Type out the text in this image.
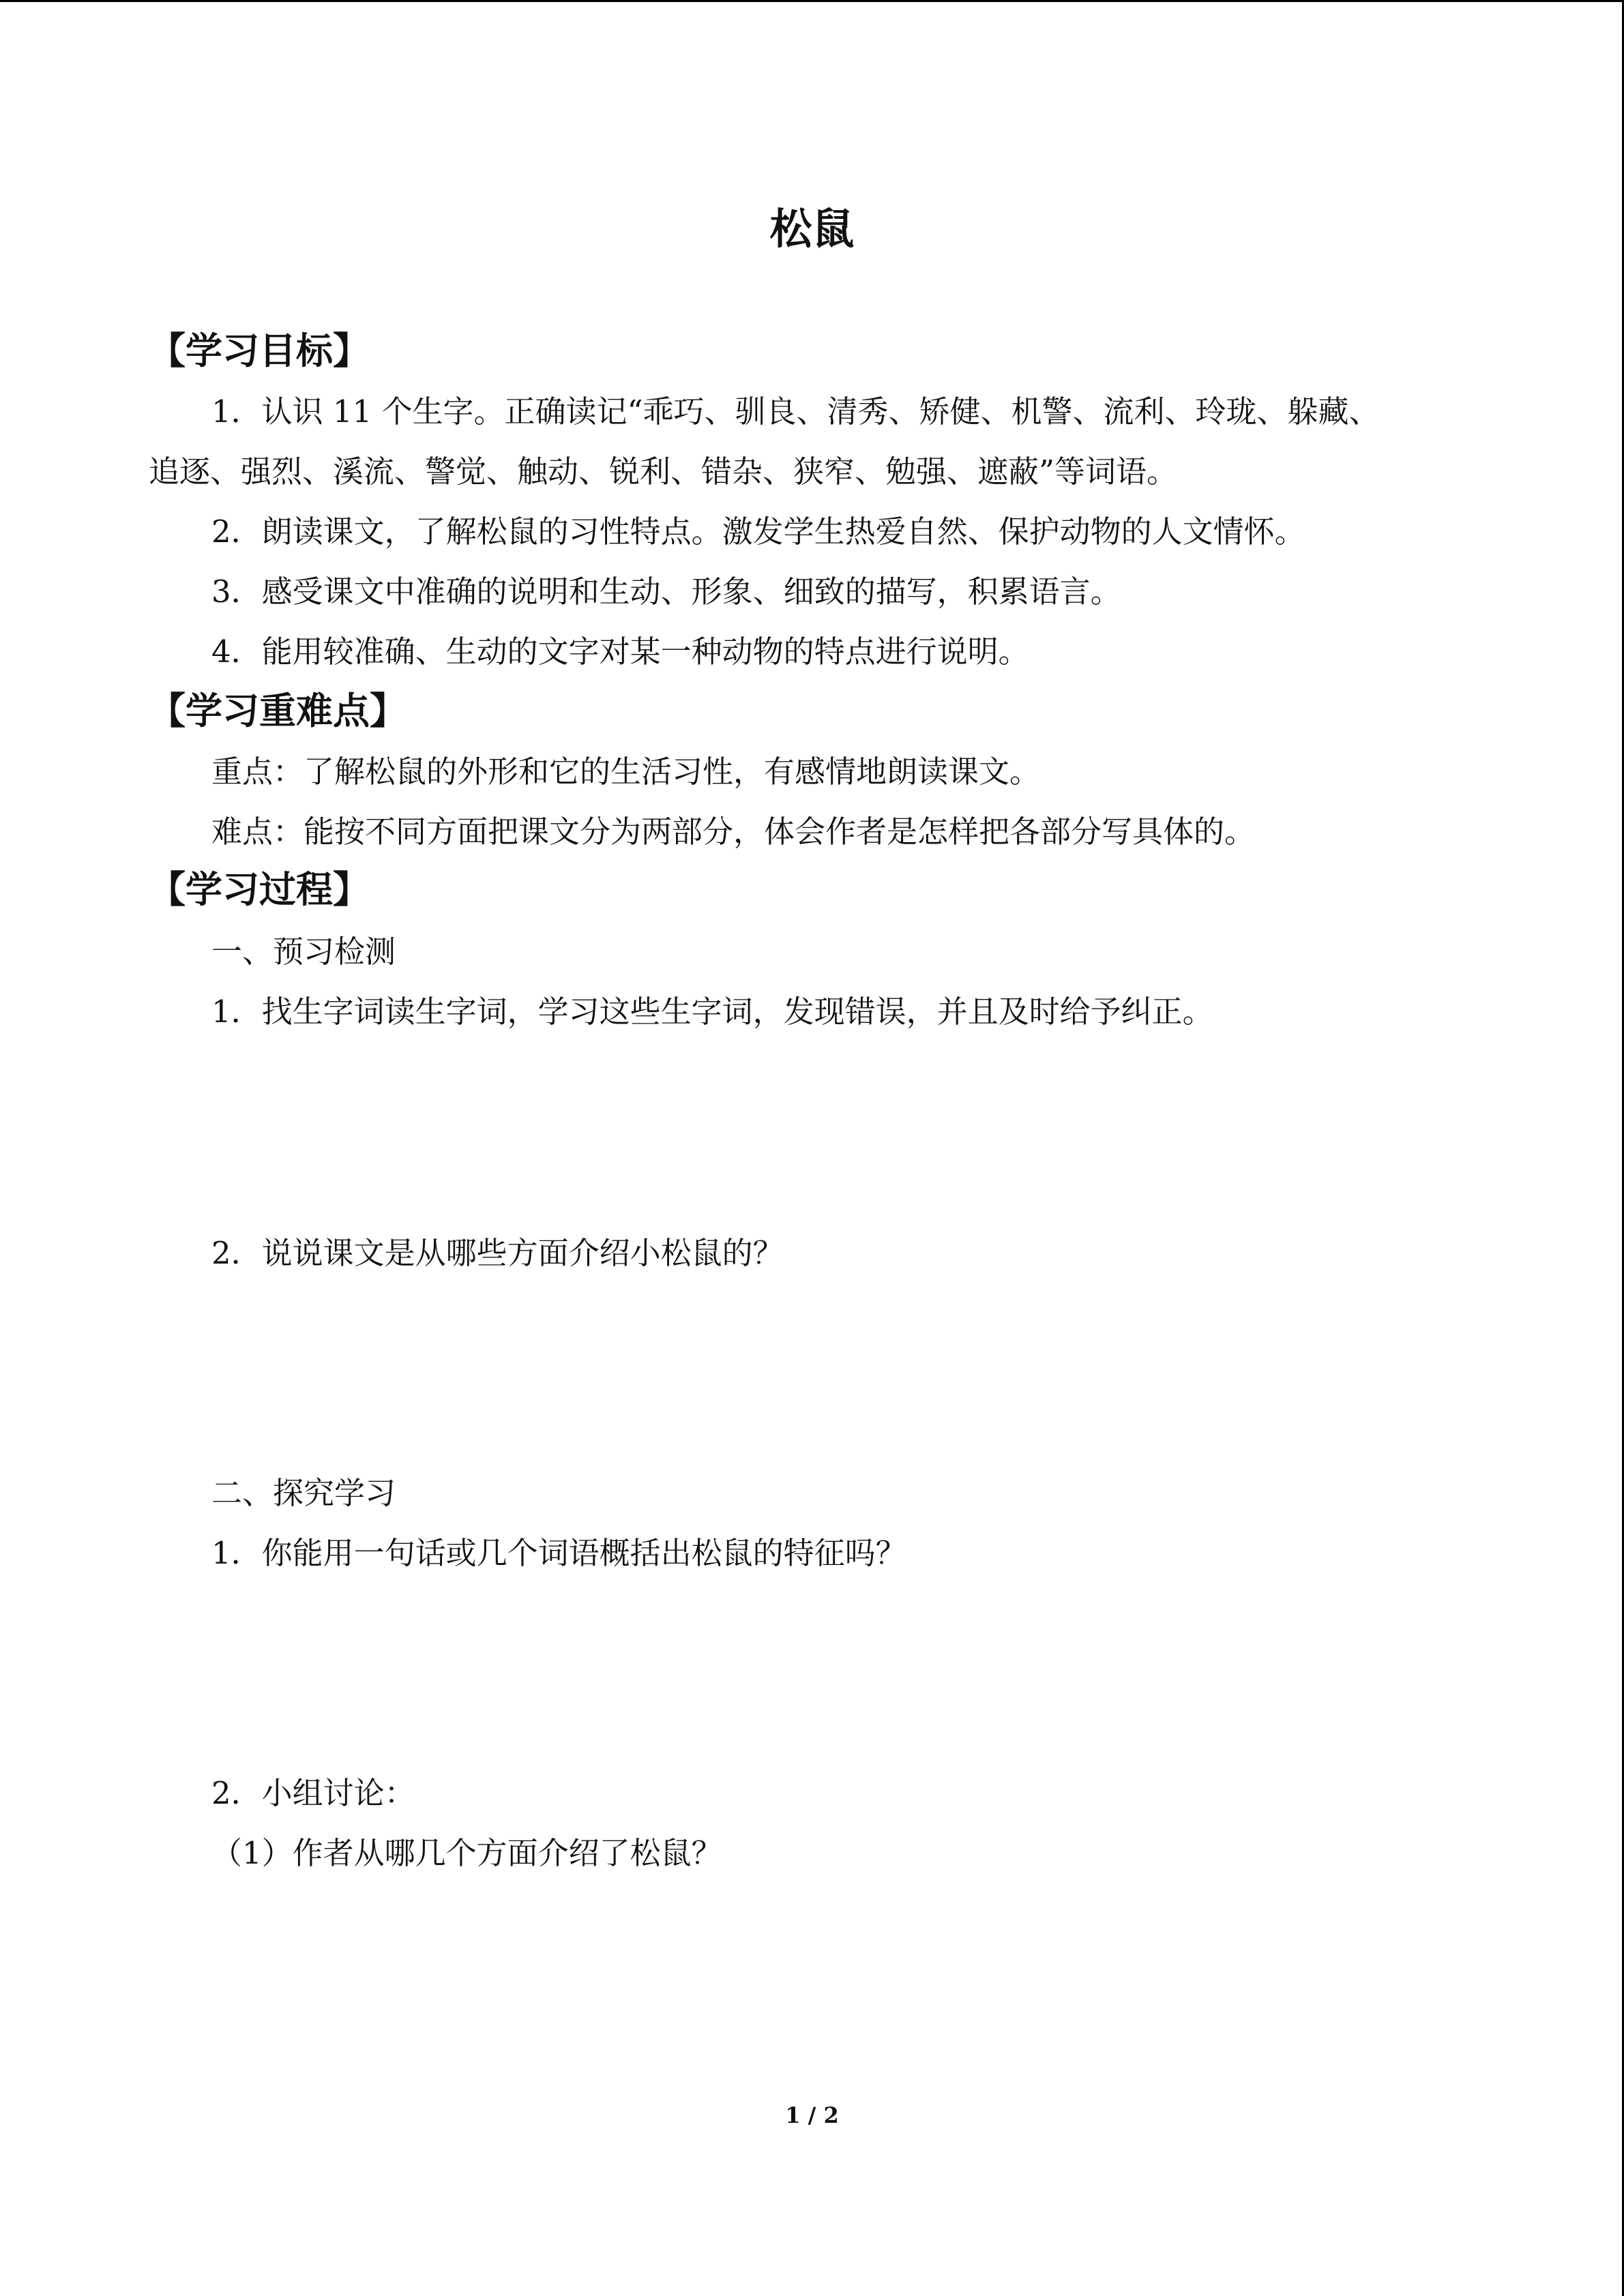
松鼠
【学习目标】
1．认识 11 个生字。正确读记“乖巧、驯良、清秀、矫健、机警、流利、玲珑、躲藏、
追逐、强烈、溪流、警觉、触动、锐利、错杂、狭窄、勉强、遮蔽”等词语。
2．朗读课文，了解松鼠的习性特点。激发学生热爱自然、保护动物的人文情怀。
3．感受课文中准确的说明和生动、形象、细致的描写，积累语言。
4．能用较准确、生动的文字对某一种动物的特点进行说明。
【学习重难点】
重点：了解松鼠的外形和它的生活习性，有感情地朗读课文。
难点：能按不同方面把课文分为两部分，体会作者是怎样把各部分写具体的。
【学习过程】
一、预习检测
1．找生字词读生字词，学习这些生字词，发现错误，并且及时给予纠正。
2．说说课文是从哪些方面介绍小松鼠的？
二、探究学习
1．你能用一句话或几个词语概括出松鼠的特征吗？
2．小组讨论：
（1）作者从哪几个方面介绍了松鼠？
1 / 2
